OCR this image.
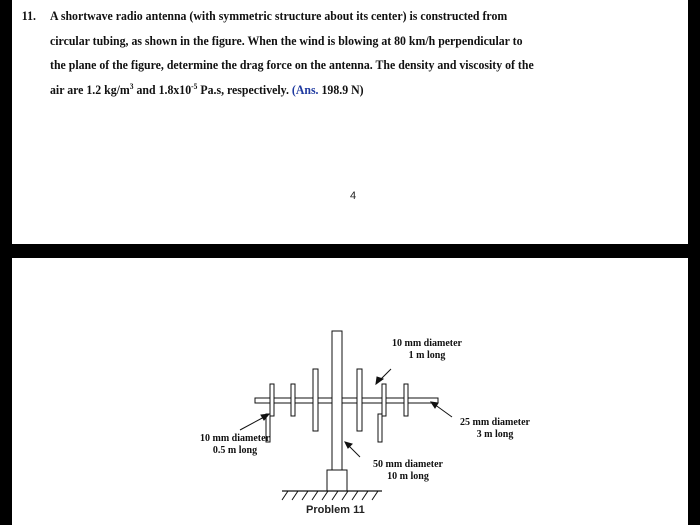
11. A shortwave radio antenna (with symmetric structure about its center) is constructed from
circular tubing, as shown in the figure. When the wind is blowing at 80 km/h perpendicular to
the plane of the figure, determine the drag force on the antenna. The density and viscosity of the
air are 1.2 $kg/m^3$ and $1.8x10^{-5}$ Pa.s, respectively. (Ans. 198.9 N)
4
10 mm diameter
1 m long
25 mm diameter
3 m long
10 mm diameter
0.5 m long
50 mm diameter
10 m long
Problem 11
